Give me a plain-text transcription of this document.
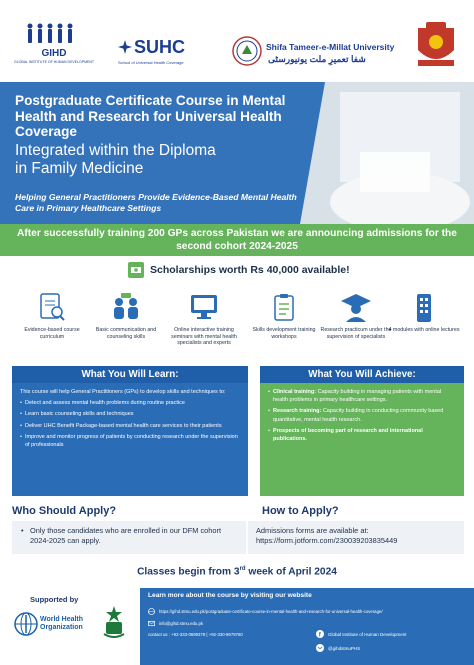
GIHD
GLOBAL INSTITUTE OF HUMAN DEVELOPMENT
SUHC
School of Universal Health Coverage
Shifa Tameer-e-Millat University
شفا تعمیرِ ملت یونیورسٹی
Postgraduate Certificate Course in Mental Health and Research for Universal Health Coverage
Integrated within the Diploma in Family Medicine
Helping General Practitioners Provide Evidence-Based Mental Health Care in Primary Healthcare Settings
After successfully training 200 GPs across Pakistan we are announcing admissions for the second cohort 2024-2025
Scholarships worth Rs 40,000 available!
Evidence-based course curriculum
Basic communication and counseling skills
Online interactive training seminars with mental health specialists and experts
Skills development training workshops
Research practicum under the supervision of specialists
4 modules with online lectures
What You Will Learn:

This course will help General Practitioners (GPs) to develop skills and techniques to:

• Detect and assess mental health problems during routine practice
• Learn basic counseling skills and techniques
• Deliver UHC Benefit Package-based mental health care services to their patients
• Improve and monitor progress of patients by conducting research under the supervision of professionals
What You Will Achieve:
• Clinical training: Capacity building in managing patients with mental health problems in primary healthcare settings.
• Research training: Capacity building in conducting community based quantitative, mental health research.
• Prospects of becoming part of research and international publications.
Who Should Apply?	How to Apply?
• Only those candidates who are enrolled in our DFM cohort 2024-2025 can apply.
Admissions forms are available at: https://form.jotform.com/230039203835449
Classes begin from 3rd week of April 2024
Supported by
World Health Organization
Learn more about the course by visiting our website
https://gihd.stmu.edu.pk/postgraduate-certificate-course-in-mental-health-and-research-for-universal-health-coverage/
info@gihd.stmu.edu.pk
contact us : +92-333-0699378 | +92-330-9979760	f Global Institute of Human Development
@gihdstmuPHS
